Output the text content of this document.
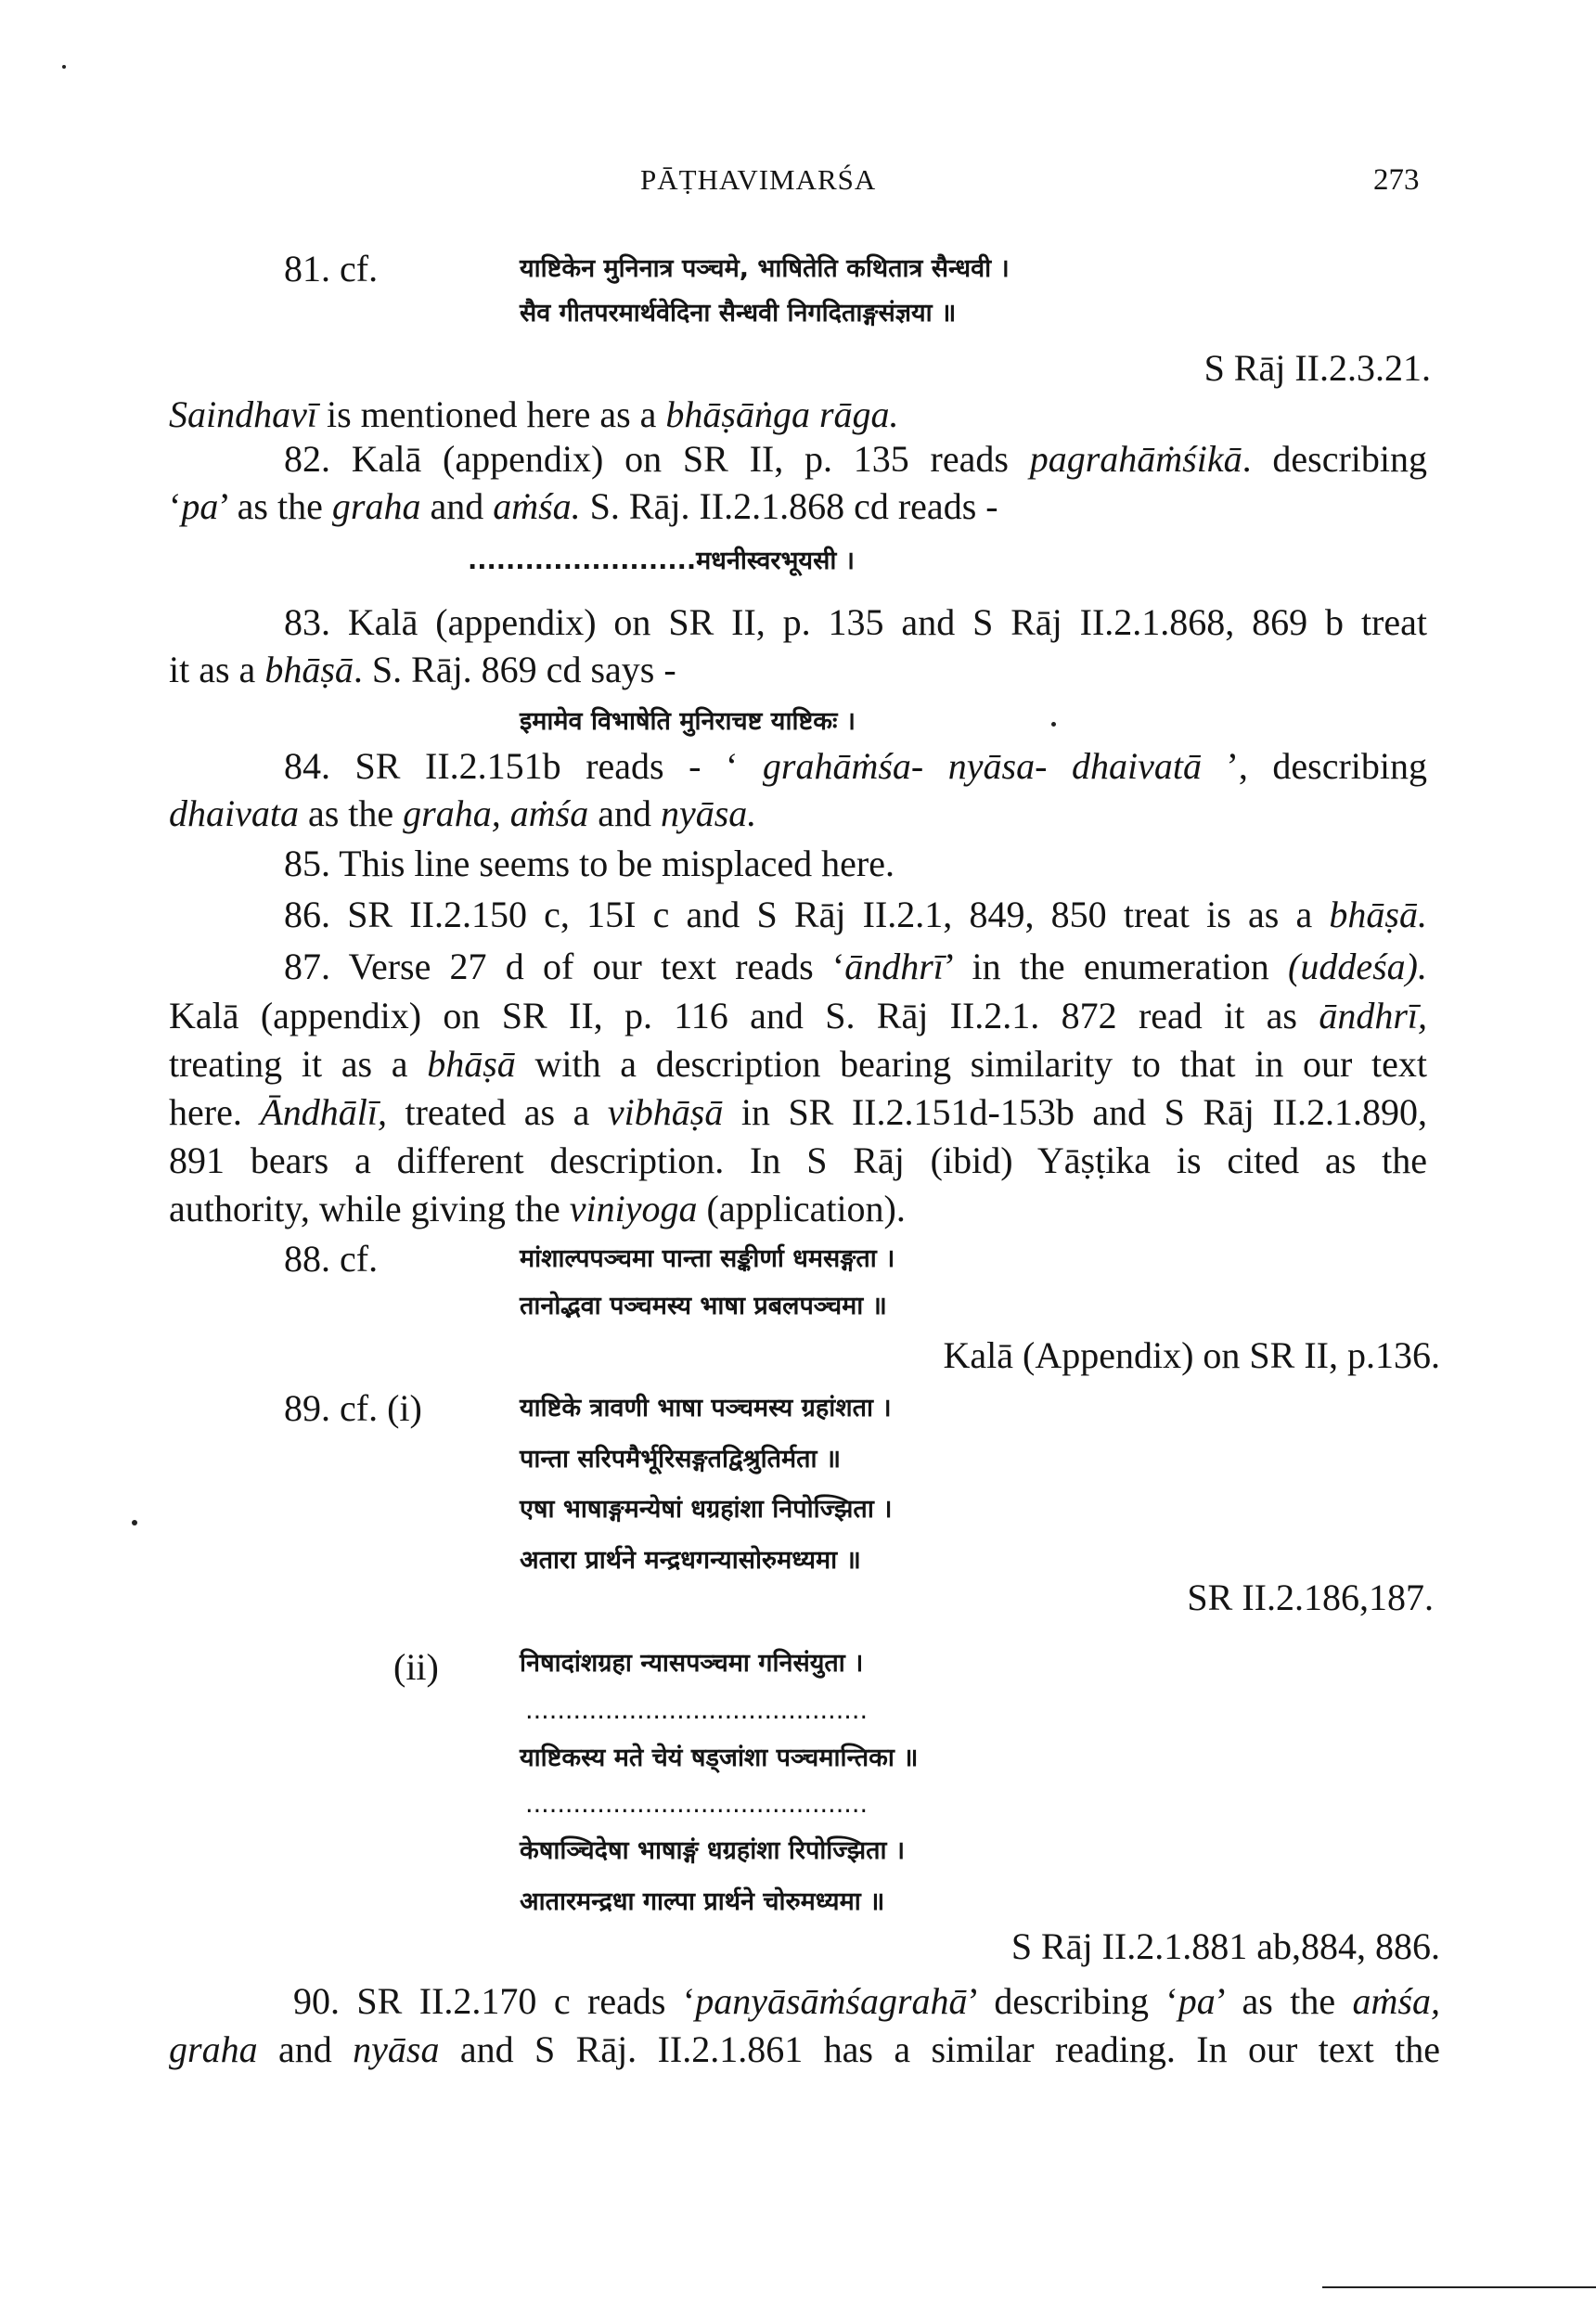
PĀṬHAVIMARŚA	273
81. cf.	याष्टिकेन मुनिनात्र पञ्चमे, भाषितेति कथितात्र सैन्धवी ।
सैव गीतपरमार्थवेदिना सैन्धवी निगदिताङ्गसंज्ञया ॥
S Rāj II.2.3.21.
Saindhavī is mentioned here as a bhāṣāṅga rāga.
82. Kalā (appendix) on SR II, p. 135 reads pagrahāṁśikā. describing
‘pa’ as the graha and aṁśa. S. Rāj. II.2.1.868 cd reads -
........................मधनीस्वरभूयसी ।
83. Kalā (appendix) on SR II, p. 135 and S Rāj II.2.1.868, 869 b treat
it as a bhāṣā. S. Rāj. 869 cd says -
इमामेव विभाषेति मुनिराचष्ट याष्टिकः ।
84. SR II.2.151b reads - ‘ grahāṁśa- nyāsa- dhaivatā ’, describing
dhaivata as the graha, aṁśa and nyāsa.
85. This line seems to be misplaced here.
86. SR II.2.150 c, 15I c and S Rāj II.2.1, 849, 850 treat is as a bhāṣā.
87. Verse 27 d of our text reads ‘āndhrī’ in the enumeration (uddeśa).
Kalā (appendix) on SR II, p. 116 and S. Rāj II.2.1. 872 read it as āndhrī,
treating it as a bhāṣā with a description bearing similarity to that in our text
here. Āndhālī, treated as a vibhāṣā in SR II.2.151d-153b and S Rāj II.2.1.890,
891 bears a different description. In S Rāj (ibid) Yāṣṭika is cited as the
authority, while giving the viniyoga (application).
88. cf.	मांशाल्पपञ्चमा पान्ता सङ्कीर्णा धमसङ्गता ।
तानोद्भवा पञ्चमस्य भाषा प्रबलपञ्चमा ॥
Kalā (Appendix) on SR II, p.136.
89. cf. (i)	याष्टिके त्रावणी भाषा पञ्चमस्य ग्रहांशता ।
पान्ता सरिपमैर्भूरिसङ्गतद्विश्रुतिर्मता ॥
एषा भाषाङ्गमन्येषां धग्रहांशा निपोज्झिता ।
अतारा प्रार्थने मन्द्रधगन्यासोरुमध्यमा ॥
SR II.2.186,187.
(ii)	निषादांशग्रहा न्यासपञ्चमा गनिसंयुता ।
...........................................
याष्टिकस्य मते चेयं षड्जांशा पञ्चमान्तिका ॥
...........................................
केषाञ्चिदेषा भाषाङ्गं धग्रहांशा रिपोज्झिता ।
आतारमन्द्रधा गाल्पा प्रार्थने चोरुमध्यमा ॥
S Rāj II.2.1.881 ab,884, 886.
90. SR II.2.170 c reads ‘panyāsāṁśagrahā’ describing ‘pa’ as the aṁśa,
graha and nyāsa and S Rāj. II.2.1.861 has a similar reading. In our text the
